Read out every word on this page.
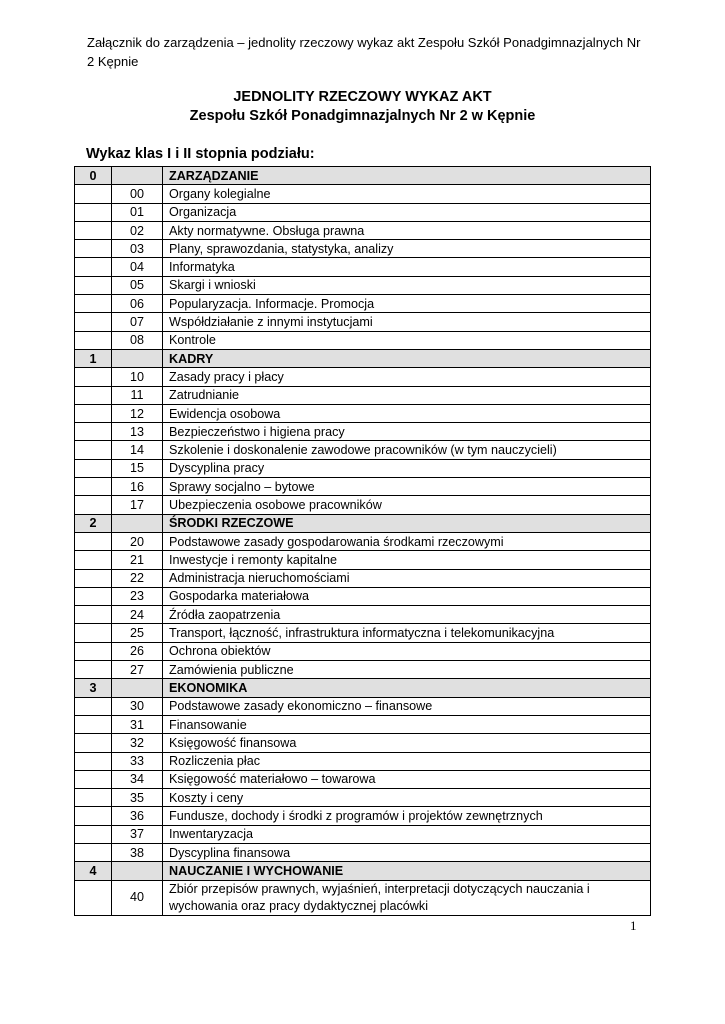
Załącznik do zarządzenia – jednolity rzeczowy wykaz akt Zespołu Szkół Ponadgimnazjalnych Nr 2 Kępnie
JEDNOLITY RZECZOWY WYKAZ AKT
Zespołu Szkół Ponadgimnazjalnych Nr 2 w Kępnie
Wykaz klas I i II stopnia podziału:
0		ZARZĄDZANIE
	00	Organy kolegialne
	01	Organizacja
	02	Akty normatywne. Obsługa prawna
	03	Plany, sprawozdania, statystyka, analizy
	04	Informatyka
	05	Skargi i wnioski
	06	Popularyzacja. Informacje. Promocja
	07	Współdziałanie z innymi instytucjami
	08	Kontrole
1		KADRY
	10	Zasady pracy i płacy
	11	Zatrudnianie
	12	Ewidencja osobowa
	13	Bezpieczeństwo i higiena pracy
	14	Szkolenie i doskonalenie zawodowe pracowników (w tym nauczycieli)
	15	Dyscyplina pracy
	16	Sprawy socjalno – bytowe
	17	Ubezpieczenia osobowe pracowników
2		ŚRODKI RZECZOWE
	20	Podstawowe zasady gospodarowania środkami rzeczowymi
	21	Inwestycje i remonty kapitalne
	22	Administracja nieruchomościami
	23	Gospodarka materiałowa
	24	Źródła zaopatrzenia
	25	Transport, łączność, infrastruktura informatyczna i telekomunikacyjna
	26	Ochrona obiektów
	27	Zamówienia publiczne
3		EKONOMIKA
	30	Podstawowe zasady ekonomiczno – finansowe
	31	Finansowanie
	32	Księgowość finansowa
	33	Rozliczenia płac
	34	Księgowość materiałowo – towarowa
	35	Koszty i ceny
	36	Fundusze, dochody i środki z programów i projektów zewnętrznych
	37	Inwentaryzacja
	38	Dyscyplina finansowa
4		NAUCZANIE I WYCHOWANIE
	40	Zbiór przepisów prawnych, wyjaśnień, interpretacji dotyczących nauczania i wychowania oraz pracy dydaktycznej placówki
1
